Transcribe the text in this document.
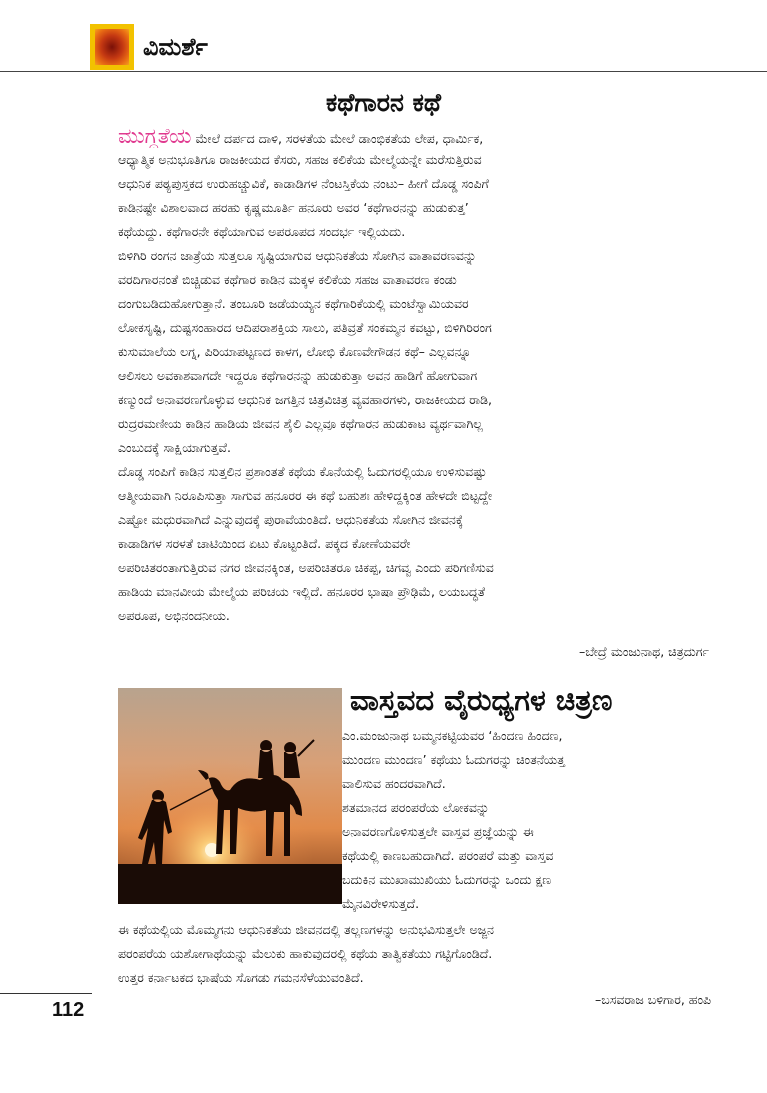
ವಿಮರ್ಶೆ
ಕಥೆಗಾರನ ಕಥೆ
ಮುಗ್ಧತೆಯ ಮೇಲೆ ದರ್ಪದ ದಾಳಿ, ಸರಳತೆಯ ಮೇಲೆ ಡಾಂಭಿಕತೆಯ ಲೇಪ, ಧಾರ್ಮಿಕ,
ಆಧ್ಯಾತ್ಮಿಕ ಅನುಭೂತಿಗೂ ರಾಜಕೀಯದ ಕೆಸರು, ಸಹಜ ಕಲಿಕೆಯ ಮೇಲ್ಮೆಯನ್ನೇ ಮರೆಸುತ್ತಿರುವ
ಆಧುನಿಕ ಪಠ್ಯಪುಸ್ತಕದ ಉರುಹಚ್ಚುವಿಕೆ, ಕಾಡಾಡಿಗಳ ನೆಂಟಸ್ತಿಕೆಯ ನಂಟು– ಹೀಗೆ ದೊಡ್ಡ ಸಂಪಿಗೆ
ಕಾಡಿನಷ್ಟೇ ವಿಶಾಲವಾದ ಹರಹು ಕೃಷ್ಣಮೂರ್ತಿ ಹನೂರು ಅವರ ‘ಕಥೆಗಾರನನ್ನು ಹುಡುಕುತ್ತ’
ಕಥೆಯದ್ದು. ಕಥೆಗಾರನೇ ಕಥೆಯಾಗುವ ಅಪರೂಪದ ಸಂದರ್ಭ ಇಲ್ಲಿಯದು.
ಬಿಳಿಗಿರಿ ರಂಗನ ಜಾತ್ರೆಯ ಸುತ್ತಲೂ ಸೃಷ್ಟಿಯಾಗುವ ಆಧುನಿಕತೆಯ ಸೋಗಿನ ವಾತಾವರಣವನ್ನು
ವರದಿಗಾರನಂತೆ ಬಿಚ್ಚಿಡುವ ಕಥೆಗಾರ ಕಾಡಿನ ಮಕ್ಕಳ ಕಲಿಕೆಯ ಸಹಜ ವಾತಾವರಣ ಕಂಡು
ದಂಗುಬಡಿದುಹೋಗುತ್ತಾನೆ. ತಂಬೂರಿ ಜಡೆಯಯ್ಯನ ಕಥೆಗಾರಿಕೆಯಲ್ಲಿ ಮಂಟೆಸ್ವಾಮಿಯವರ
ಲೋಕಸೃಷ್ಟಿ, ದುಷ್ಟಸಂಹಾರದ ಆದಿಪರಾಶಕ್ತಿಯ ಸಾಲು, ಪತಿವ್ರತೆ ಸಂಕಮ್ಮನ ಕವಟ್ಟು, ಬಿಳಿಗಿರಿರಂಗ
ಕುಸುಮಾಲೆಯ ಲಗ್ನ, ಪಿರಿಯಾಪಟ್ಟಣದ ಕಾಳಗ, ಲೋಭಿ ಕೊಣವೇಗೌಡನ ಕಥೆ– ಎಲ್ಲವನ್ನೂ
ಆಲಿಸಲು ಅವಕಾಶವಾಗದೇ ಇದ್ದರೂ ಕಥೆಗಾರನನ್ನು ಹುಡುಕುತ್ತಾ ಅವನ ಹಾಡಿಗೆ ಹೋಗುವಾಗ
ಕಣ್ಮುಂದೆ ಅನಾವರಣಗೊಳ್ಳುವ ಆಧುನಿಕ ಜಗತ್ತಿನ ಚಿತ್ರವಿಚಿತ್ರ ವ್ಯವಹಾರಗಳು, ರಾಜಕೀಯದ ರಾಡಿ,
ರುದ್ರರಮಣೀಯ ಕಾಡಿನ ಹಾಡಿಯ ಜೀವನ ಶೈಲಿ ಎಲ್ಲವೂ ಕಥೆಗಾರನ ಹುಡುಕಾಟ ವ್ಯರ್ಥವಾಗಿಲ್ಲ
ಎಂಬುದಕ್ಕೆ ಸಾಕ್ಷಿಯಾಗುತ್ತವೆ.
ದೊಡ್ಡ ಸಂಪಿಗೆ ಕಾಡಿನ ಸುತ್ತಲಿನ ಪ್ರಶಾಂತತೆ ಕಥೆಯ ಕೊನೆಯಲ್ಲಿ ಓದುಗರಲ್ಲಿಯೂ ಉಳಿಸುವಷ್ಟು
ಆತ್ಮೀಯವಾಗಿ ನಿರೂಪಿಸುತ್ತಾ ಸಾಗುವ ಹನೂರರ ಈ ಕಥೆ ಬಹುಶಃ ಹೇಳಿದ್ದಕ್ಕಿಂತ ಹೇಳದೇ ಬಿಟ್ಟದ್ದೇ
ಎಷ್ಟೋ ಮಧುರವಾಗಿದೆ ಎನ್ನುವುದಕ್ಕೆ ಪುರಾವೆಯಂತಿದೆ. ಆಧುನಿಕತೆಯ ಸೋಗಿನ ಜೀವನಕ್ಕೆ
ಕಾಡಾಡಿಗಳ ಸರಳತೆ ಚಾಟಿಯಿಂದ ಏಟು ಕೊಟ್ಟಂತಿದೆ. ಪಕ್ಕದ ಕೋಣೆಯವರೇ
ಅಪರಿಚಿತರಂತಾಗುತ್ತಿರುವ ನಗರ ಜೀವನಕ್ಕಿಂತ, ಅಪರಿಚಿತರೂ ಚಿಕಪ್ಪ, ಚಿಗವ್ವ ಎಂದು ಪರಿಗಣಿಸುವ
ಹಾಡಿಯ ಮಾನವೀಯ ಮೇಲ್ಮೆಯ ಪರಿಚಯ ಇಲ್ಲಿದೆ. ಹನೂರರ ಭಾಷಾ ಪ್ರೌಢಿಮೆ, ಲಯಬದ್ಧತೆ
ಅಪರೂಪ, ಅಭಿನಂದನೀಯ.
–ಬೇದ್ರೆ ಮಂಜುನಾಥ, ಚಿತ್ರದುರ್ಗ
ವಾಸ್ತವದ ವೈರುಧ್ಯಗಳ ಚಿತ್ರಣ
ಎಂ.ಮಂಜುನಾಥ ಬಮ್ಮನಕಟ್ಟಿಯವರ ‘ಹಿಂದಣ ಹಿಂದಣ,
ಮುಂದಣ ಮುಂದಣ’ ಕಥೆಯು ಓದುಗರನ್ನು ಚಿಂತನೆಯತ್ತ
ವಾಲಿಸುವ ಹಂದರವಾಗಿದೆ.
ಶತಮಾನದ ಪರಂಪರೆಯ ಲೋಕವನ್ನು
ಅನಾವರಣಗೊಳಿಸುತ್ತಲೇ ವಾಸ್ತವ ಪ್ರಜ್ಞೆಯನ್ನು ಈ
ಕಥೆಯಲ್ಲಿ ಕಾಣಬಹುದಾಗಿದೆ. ಪರಂಪರೆ ಮತ್ತು ವಾಸ್ತವ
ಬದುಕಿನ ಮುಖಾಮುಖಿಯು ಓದುಗರನ್ನು ಒಂದು ಕ್ಷಣ
ಮೈನವಿರೇಳಿಸುತ್ತದೆ.
ಈ ಕಥೆಯಲ್ಲಿಯ ಮೊಮ್ಮಗನು ಆಧುನಿಕತೆಯ ಜೀವನದಲ್ಲಿ ತಲ್ಲಣಗಳನ್ನು ಅನುಭವಿಸುತ್ತಲೇ ಅಜ್ಜನ
ಪರಂಪರೆಯ ಯಶೋಗಾಥೆಯನ್ನು ಮೆಲುಕು ಹಾಕುವುದರಲ್ಲಿ ಕಥೆಯ ತಾತ್ವಿಕತೆಯು ಗಟ್ಟಿಗೊಂಡಿದೆ.
ಉತ್ತರ ಕರ್ನಾಟಕದ ಭಾಷೆಯ ಸೊಗಡು ಗಮನಸೆಳೆಯುವಂತಿದೆ.
–ಬಸವರಾಜ ಬಳಿಗಾರ, ಹಂಪಿ
112
